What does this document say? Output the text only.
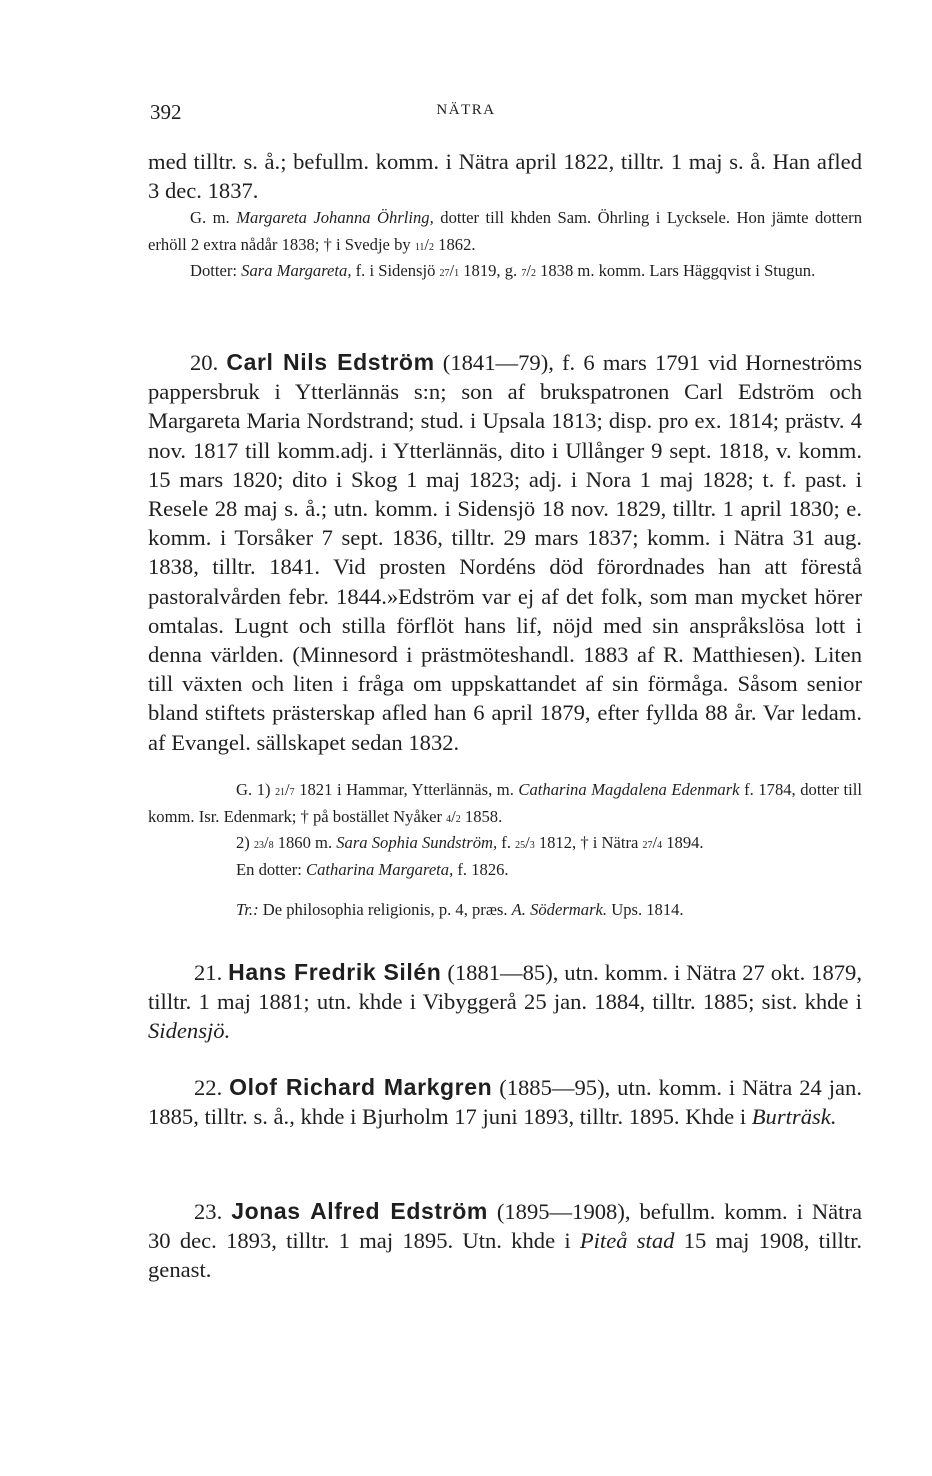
392	NÄTRA

med tilltr. s. å.; befullm. komm. i Nätra april 1822, tilltr. 1 maj s. å. Han afled 3 dec. 1837.

G. m. Margareta Johanna Öhrling, dotter till khden Sam. Öhrling i Lycksele. Hon jämte dottern erhöll 2 extra nådår 1838; † i Svedje by $^{11}/_2$ 1862.

Dotter: Sara Margareta, f. i Sidensjö $^{27}/_1$ 1819, g. $^7/_2$ 1838 m. komm. Lars Häggqvist i Stugun.

20. Carl Nils Edström (1841—79), f. 6 mars 1791 vid Horneströms pappersbruk i Ytterlännäs s:n; son af brukspatronen Carl Edström och Margareta Maria Nordstrand; stud. i Upsala 1813; disp. pro ex. 1814; prästv. 4 nov. 1817 till komm.adj. i Ytterlännäs, dito i Ullånger 9 sept. 1818, v. komm. 15 mars 1820; dito i Skog 1 maj 1823; adj. i Nora 1 maj 1828; t. f. past. i Resele 28 maj s. å.; utn. komm. i Sidensjö 18 nov. 1829, tilltr. 1 april 1830; e. komm. i Torsåker 7 sept. 1836, tilltr. 29 mars 1837; komm. i Nätra 31 aug. 1838, tilltr. 1841. Vid prosten Nordéns död förordnades han att förestå pastoralvården febr. 1844.»Edström var ej af det folk, som man mycket hörer omtalas. Lugnt och stilla förflöt hans lif, nöjd med sin anspråkslösa lott i denna världen. (Minnesord i prästmöteshandl. 1883 af R. Matthiesen). Liten till växten och liten i fråga om uppskattandet af sin förmåga. Såsom senior bland stiftets prästerskap afled han 6 april 1879, efter fyllda 88 år. Var ledam. af Evangel. sällskapet sedan 1832.

G. 1) $^{21}/_7$ 1821 i Hammar, Ytterlännäs, m. Catharina Magdalena Edenmark f. 1784, dotter till komm. Isr. Edenmark; † på bostället Nyåker $^4/_2$ 1858.

2) $^{23}/_8$ 1860 m. Sara Sophia Sundström, f. $^{25}/_3$ 1812, † i Nätra $^{27}/_4$ 1894.

En dotter: Catharina Margareta, f. 1826.

Tr.: De philosophia religionis, p. 4, præs. A. Södermark. Ups. 1814.

21. Hans Fredrik Silén (1881—85), utn. komm. i Nätra 27 okt. 1879, tilltr. 1 maj 1881; utn. khde i Vibyggerå 25 jan. 1884, tilltr. 1885; sist. khde i Sidensjö.

22. Olof Richard Markgren (1885—95), utn. komm. i Nätra 24 jan. 1885, tilltr. s. å., khde i Bjurholm 17 juni 1893, tilltr. 1895. Khde i Burträsk.

23. Jonas Alfred Edström (1895—1908), befullm. komm. i Nätra 30 dec. 1893, tilltr. 1 maj 1895. Utn. khde i Piteå stad 15 maj 1908, tilltr. genast.
